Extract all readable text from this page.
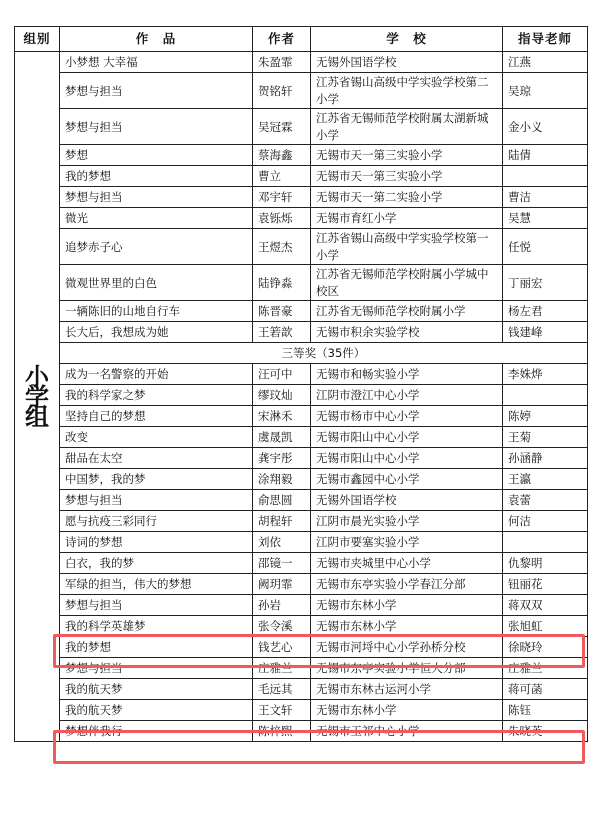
组别	作　品	作者	学　校	指导老师

小
学
组	小梦想 大幸福	朱盈霏	无锡外国语学校	江燕
	梦想与担当	贺铭轩	江苏省锡山高级中学实验学校第二小学	吴琼
	梦想与担当	吴冠霖	江苏省无锡师范学校附属太湖新城小学	金小义
	梦想	蔡海鑫	无锡市天一第三实验小学	陆倩
	我的梦想	曹立	无锡市天一第三实验小学	
	梦想与担当	邓宇轩	无锡市天一第二实验小学	曹洁
	微光	袁铄烁	无锡市育红小学	吴慧
	追梦赤子心	王煜杰	江苏省锡山高级中学实验学校第一小学	任悦
	微观世界里的白色	陆铮淼	江苏省无锡师范学校附属小学城中校区	丁丽宏
	一辆陈旧的山地自行车	陈晋豪	江苏省无锡师范学校附属小学	杨左君
	长大后，我想成为她	王箬歆	无锡市积余实验学校	钱建峰
	三等奖（35件）			
	成为一名警察的开始	汪可中	无锡市和畅实验小学	李姝烨
	我的科学家之梦	缪玟灿	江阴市澄江中心小学	
	坚持自己的梦想	宋淋禾	无锡市杨市中心小学	陈婷
	改变	虞晟凯	无锡市阳山中心小学	王菊
	甜品在太空	龚宇彤	无锡市阳山中心小学	孙涵静
	中国梦，我的梦	涂翔毅	无锡市鑫园中心小学	王瀛
	梦想与担当	俞思圆	无锡外国语学校	袁蕾
	愿与抗疫三彩同行	胡程轩	江阴市晨光实验小学	何洁
	诗词的梦想	刘依	江阴市要塞实验小学	
	白衣，我的梦	邵镜一	无锡市夹城里中心小学	仇黎明
	军绿的担当，伟大的梦想	阙玥霏	无锡市东亭实验小学春江分部	钮丽花
	梦想与担当	孙岩	无锡市东林小学	蒋双双
	我的科学英雄梦	张令溪	无锡市东林小学	张旭虹
	我的梦想	钱艺心	无锡市河埒中心小学孙桥分校	徐晓玲
	梦想与担当	庄雅兰	无锡市东亭实验小学恒大分部	庄雅兰
	我的航天梦	毛远其	无锡市东林古运河小学	蒋可菡
	我的航天梦	王文轩	无锡市东林小学	陈钰
	梦想伴我行	陈梓熙	无锡市玉祁中心小学	朱晓英
